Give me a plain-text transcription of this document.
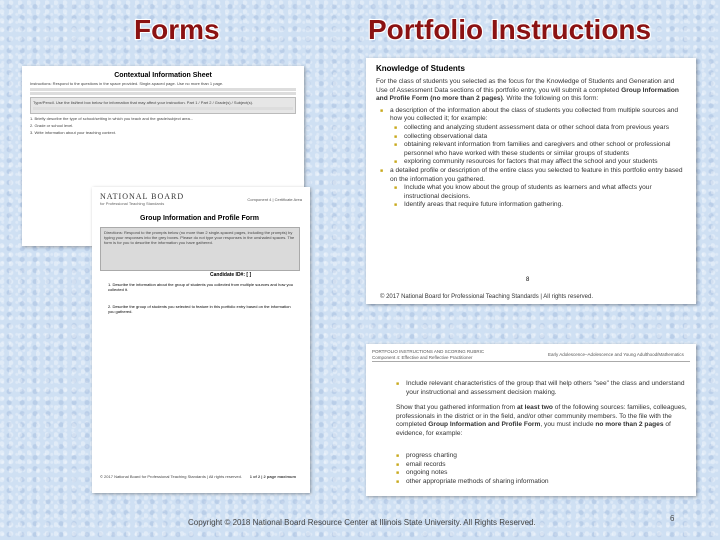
Forms	Portfolio Instructions

Contextual Information Sheet

Instructions: Respond to the questions in the space provided. Single-spaced page. Use no more than 1 page.

Type/Pencil. Use the list/text box below for information that may affect your instruction. Part 1 / Part 2 / Grade(s) / Subject(s).

1. Briefly describe the type of school/setting in which you teach and the grade/subject area...

2. Grade or school level.

3. Write information about your teaching context.

NATIONAL BOARD
for Professional Teaching Standards
Component 4 | Certificate Area

Group Information and Profile Form

Directions: Respond to the prompts below (no more than 2 single-spaced pages, including the prompts) by typing your responses into the grey boxes. Please do not type your responses in the unshaded spaces. The form is for you to describe the information you have gathered.

Candidate ID#: [ ]
1. Describe the information about the group of students you collected from multiple sources and how you collected it.
2. Describe the group of students you selected to feature in this portfolio entry based on the information you gathered.
© 2017 National Board for Professional Teaching Standards | All rights reserved. 1 of 2 | 2 page maximum
Knowledge of Students

For the class of students you selected as the focus for the Knowledge of Students and Generation and Use of Assessment Data sections of this portfolio entry, you will submit a completed Group Information and Profile Form (no more than 2 pages). Write the following on this form:

■ a description of the information about the class of students you collected from multiple sources and how you collected it; for example:
■ collecting and analyzing student assessment data or other school data from previous years
■ collecting observational data
■ obtaining relevant information from families and caregivers and other school or professional personnel who have worked with these students or similar groups of students
■ exploring community resources for factors that may affect the school and your students
■ a detailed profile or description of the entire class you selected to feature in this portfolio entry based on the information you gathered.
■ Include what you know about the group of students as learners and what affects your instructional decisions.
■ Identify areas that require future information gathering.
8
© 2017 National Board for Professional Teaching Standards | All rights reserved.
PORTFOLIO INSTRUCTIONS AND SCORING RUBRIC
Component 4: Effective and Reflective Practitioner	Early Adolescence–Adolescence and Young Adulthood/Mathematics
■ Include relevant characteristics of the group that will help others "see" the class and understand your instructional and assessment decision making.

Show that you gathered information from at least two of the following sources: families, colleagues, professionals in the district or in the field, and/or other community members. To the file with the completed Group Information and Profile Form, you must include no more than 2 pages of evidence, for example:

■ progress charting
■ email records
■ ongoing notes
■ other appropriate methods of sharing information
Copyright © 2018 National Board Resource Center at Illinois State University. All Rights Reserved.	6
